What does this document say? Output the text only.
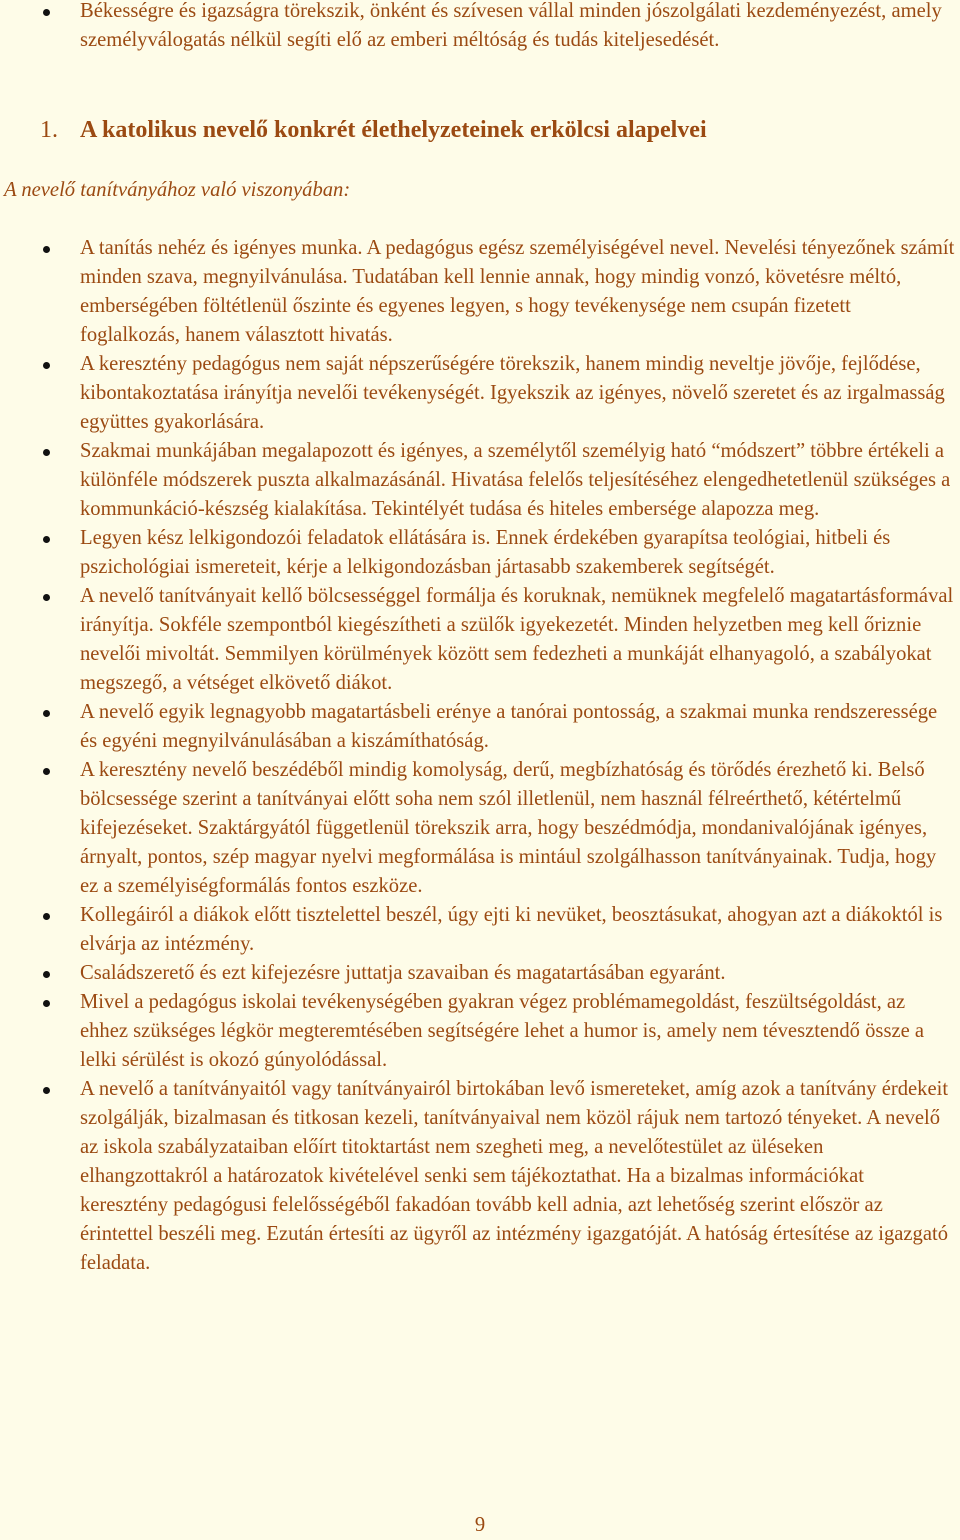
Békességre és igazságra törekszik, önként és szívesen vállal minden jószolgálati kezdeményezést, amely személyválogatás nélkül segíti elő az emberi méltóság és tudás kiteljesedését.
1. A katolikus nevelő konkrét élethelyzeteinek erkölcsi alapelvei

A nevelő tanítványához való viszonyában:

A tanítás nehéz és igényes munka. A pedagógus egész személyiségével nevel. Nevelési tényezőnek számít minden szava, megnyilvánulása. Tudatában kell lennie annak, hogy mindig vonzó, követésre méltó, emberségében föltétlenül őszinte és egyenes legyen, s hogy tevékenysége nem csupán fizetett foglalkozás, hanem választott hivatás.
A keresztény pedagógus nem saját népszerűségére törekszik, hanem mindig neveltje jövője, fejlődése, kibontakoztatása irányítja nevelői tevékenységét. Igyekszik az igényes, növelő szeretet és az irgalmasság együttes gyakorlására.
Szakmai munkájában megalapozott és igényes, a személytől személyig ható “módszert” többre értékeli a különféle módszerek puszta alkalmazásánál. Hivatása felelős teljesítéséhez elengedhetetlenül szükséges a kommunkáció-készség kialakítása. Tekintélyét tudása és hiteles embersége alapozza meg.
Legyen kész lelkigondozói feladatok ellátására is. Ennek érdekében gyarapítsa teológiai, hitbeli és pszichológiai ismereteit, kérje a lelkigondozásban jártasabb szakemberek segítségét.
A nevelő tanítványait kellő bölcsességgel formálja és koruknak, nemüknek megfelelő magatartásformával irányítja. Sokféle szempontból kiegészítheti a szülők igyekezetét. Minden helyzetben meg kell őriznie nevelői mivoltát. Semmilyen körülmények között sem fedezheti a munkáját elhanyagoló, a szabályokat megszegő, a vétséget elkövető diákot.
A nevelő egyik legnagyobb magatartásbeli erénye a tanórai pontosság, a szakmai munka rendszeressége és egyéni megnyilvánulásában a kiszámíthatóság.
A keresztény nevelő beszédéből mindig komolyság, derű, megbízhatóság és törődés érezhető ki. Belső bölcsessége szerint a tanítványai előtt soha nem szól illetlenül, nem használ félreérthető, kétértelmű kifejezéseket. Szaktárgyától függetlenül törekszik arra, hogy beszédmódja, mondanivalójának igényes, árnyalt, pontos, szép magyar nyelvi megformálása is mintául szolgálhasson tanítványainak. Tudja, hogy ez a személyiségformálás fontos eszköze.
Kollegáiról a diákok előtt tisztelettel beszél, úgy ejti ki nevüket, beosztásukat, ahogyan azt a diákoktól is elvárja az intézmény.
Családszerető és ezt kifejezésre juttatja szavaiban és magatartásában egyaránt.
Mivel a pedagógus iskolai tevékenységében gyakran végez problémamegoldást, feszültségoldást, az ehhez szükséges légkör megteremtésében segítségére lehet a humor is, amely nem tévesztendő össze a lelki sérülést is okozó gúnyolódással.
A nevelő a tanítványaitól vagy tanítványairól birtokában levő ismereteket, amíg azok a tanítvány érdekeit szolgálják, bizalmasan és titkosan kezeli, tanítványaival nem közöl rájuk nem tartozó tényeket. A nevelő az iskola szabályzataiban előírt titoktartást nem szegheti meg, a nevelőtestület az üléseken elhangzottakról a határozatok kivételével senki sem tájékoztathat. Ha a bizalmas információkat keresztény pedagógusi felelősségéből fakadóan tovább kell adnia, azt lehetőség szerint először az érintettel beszéli meg. Ezután értesíti az ügyről az intézmény igazgatóját. A hatóság értesítése az igazgató feladata.
9
